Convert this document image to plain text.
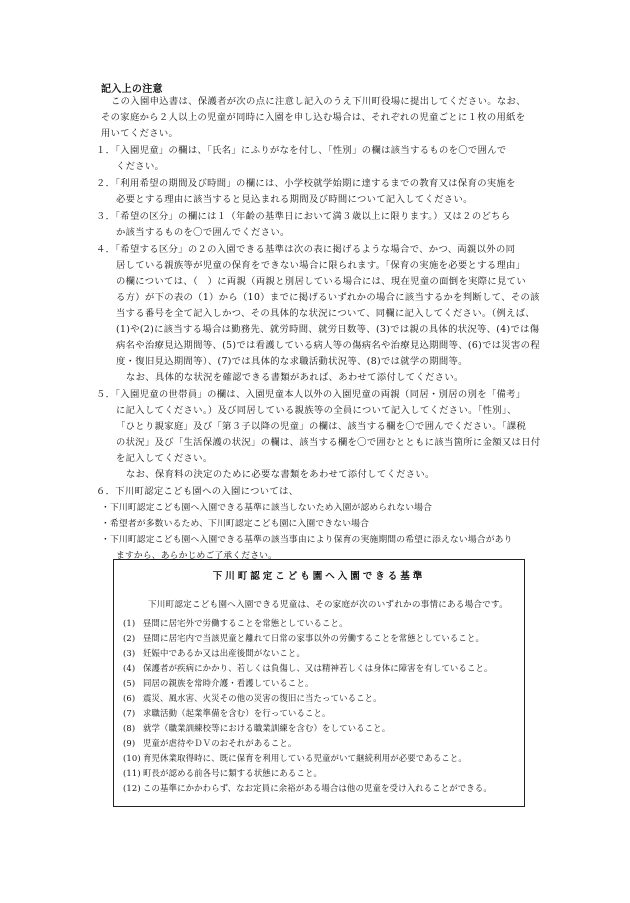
記入上の注意
この入園申込書は、保護者が次の点に注意し記入のうえ下川町役場に提出してください。なお、
その家庭から２人以上の児童が同時に入園を申し込む場合は、それぞれの児童ごとに１枚の用紙を
用いてください。
１．「入園児童」の欄は、「氏名」にふりがなを付し、「性別」の欄は該当するものを〇で囲んで
ください。
２．「利用希望の期間及び時間」の欄には、小学校就学始期に達するまでの教育又は保育の実施を
必要とする理由に該当すると見込まれる期間及び時間について記入してください。
３．「希望の区分」の欄には１（年齢の基準日において満３歳以上に限ります。）又は２のどちら
か該当するものを〇で囲んでください。
４．「希望する区分」の２の入園できる基準は次の表に掲げるような場合で、かつ、両親以外の同
居している親族等が児童の保育をできない場合に限られます。「保育の実施を必要とする理由」
の欄については、（　）に両親（両親と別居している場合には、現在児童の面倒を実際に見てい
る方）が下の表の（1）から（10）までに掲げるいずれかの場合に該当するかを判断して、その該
当する番号を全て記入しかつ、その具体的な状況について、同欄に記入してください。（例えば、
(1)や(2)に該当する場合は勤務先、就労時間、就労日数等、(3)では親の具体的状況等、(4)では傷
病名や治療見込期間等、(5)では看護している病人等の傷病名や治療見込期間等、(6)では災害の程
度・復旧見込期間等）、(7)では具体的な求職活動状況等、(8)では就学の期間等。
なお、具体的な状況を確認できる書類があれば、あわせて添付してください。
５．「入園児童の世帯員」の欄は、入園児童本人以外の入園児童の両親（同居・別居の別を「備考」
に記入してください。）及び同居している親族等の全員について記入してください。「性別」、
「ひとり親家庭」及び「第３子以降の児童」の欄は、該当する欄を〇で囲んでください。「課税
の状況」及び「生活保護の状況」の欄は、該当する欄を〇で囲むとともに該当箇所に金額又は日付
を記入してください。
なお、保育料の決定のために必要な書類をあわせて添付してください。
６．下川町認定こども園への入園については、
・下川町認定こども園へ入園できる基準に該当しないため入園が認められない場合
・希望者が多数いるため、下川町認定こども園に入園できない場合
・下川町認定こども園へ入園できる基準の該当事由により保育の実施期間の希望に添えない場合があり
ますから、あらかじめご了承ください。
下川町認定こども園へ入園できる基準
下川町認定こども園へ入園できる児童は、その家庭が次のいずれかの事情にある場合です。
(1) 昼間に居宅外で労働することを常態としていること。
(2) 昼間に居宅内で当該児童と離れて日常の家事以外の労働することを常態としていること。
(3) 妊娠中であるか又は出産後間がないこと。
(4) 保護者が疾病にかかり、若しくは負傷し、又は精神若しくは身体に障害を有していること。
(5) 同居の親族を常時介護・看護していること。
(6) 震災、風水害、火災その他の災害の復旧に当たっていること。
(7) 求職活動（起業準備を含む）を行っていること。
(8) 就学（職業訓練校等における職業訓練を含む）をしていること。
(9) 児童が虐待やＤＶのおそれがあること。
(10) 育児休業取得時に、既に保育を利用している児童がいて継続利用が必要であること。
(11) 町長が認める前各号に類する状態にあること。
(12) この基準にかかわらず、なお定員に余裕がある場合は他の児童を受け入れることができる。
